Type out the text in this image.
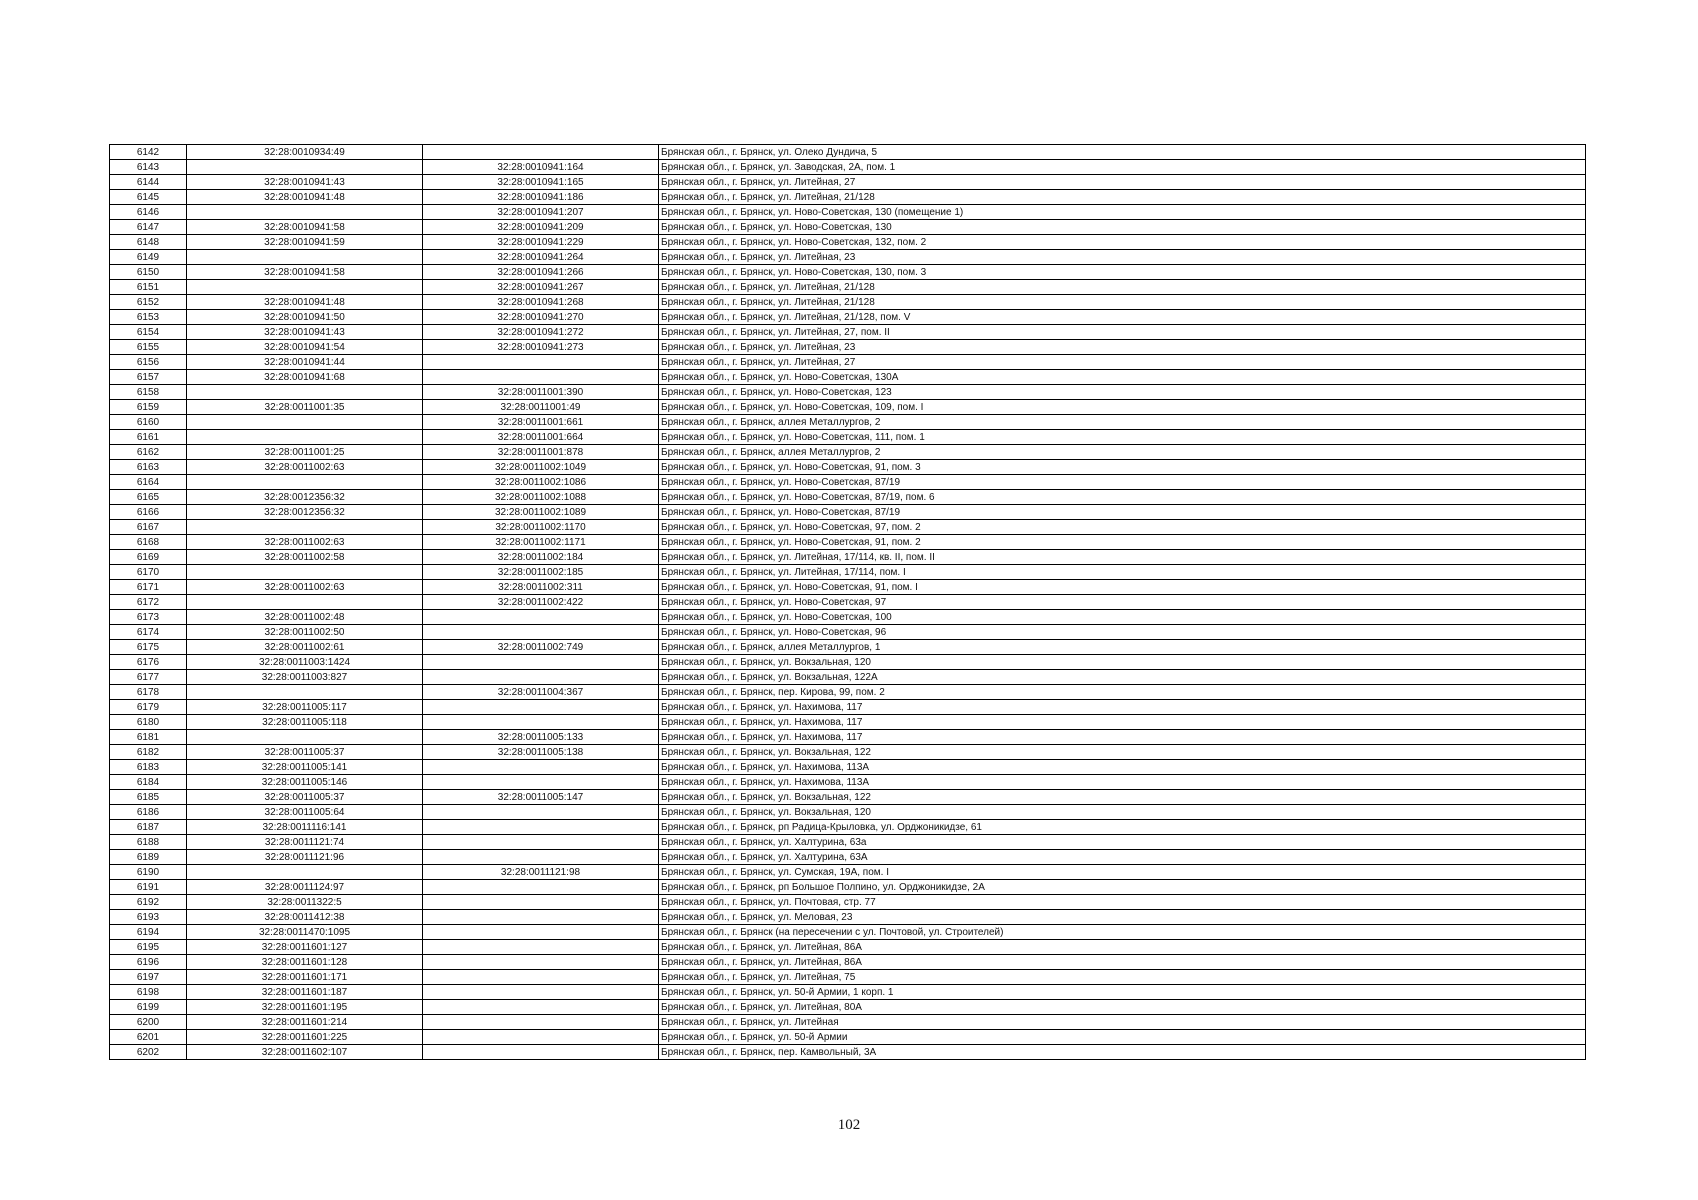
6142	32:28:0010934:49		Брянская обл., г. Брянск, ул. Олеко Дундича, 5
6143		32:28:0010941:164	Брянская обл., г. Брянск, ул. Заводская, 2А, пом. 1
6144	32:28:0010941:43	32:28:0010941:165	Брянская обл., г. Брянск, ул. Литейная, 27
6145	32:28:0010941:48	32:28:0010941:186	Брянская обл., г. Брянск, ул. Литейная, 21/128
6146		32:28:0010941:207	Брянская обл., г. Брянск, ул. Ново-Советская, 130 (помещение 1)
6147	32:28:0010941:58	32:28:0010941:209	Брянская обл., г. Брянск, ул. Ново-Советская, 130
6148	32:28:0010941:59	32:28:0010941:229	Брянская обл., г. Брянск, ул. Ново-Советская, 132, пом. 2
6149		32:28:0010941:264	Брянская обл., г. Брянск, ул. Литейная, 23
6150	32:28:0010941:58	32:28:0010941:266	Брянская обл., г. Брянск, ул. Ново-Советская, 130, пом. 3
6151		32:28:0010941:267	Брянская обл., г. Брянск, ул. Литейная, 21/128
6152	32:28:0010941:48	32:28:0010941:268	Брянская обл., г. Брянск, ул. Литейная, 21/128
6153	32:28:0010941:50	32:28:0010941:270	Брянская обл., г. Брянск, ул. Литейная, 21/128, пом. V
6154	32:28:0010941:43	32:28:0010941:272	Брянская обл., г. Брянск, ул. Литейная, 27, пом. II
6155	32:28:0010941:54	32:28:0010941:273	Брянская обл., г. Брянск, ул. Литейная, 23
6156	32:28:0010941:44		Брянская обл., г. Брянск, ул. Литейная, 27
6157	32:28:0010941:68		Брянская обл., г. Брянск, ул. Ново-Советская, 130А
6158		32:28:0011001:390	Брянская обл., г. Брянск, ул. Ново-Советская, 123
6159	32:28:0011001:35	32:28:0011001:49	Брянская обл., г. Брянск, ул. Ново-Советская, 109, пом. I
6160		32:28:0011001:661	Брянская обл., г. Брянск, аллея Металлургов, 2
6161		32:28:0011001:664	Брянская обл., г. Брянск, ул. Ново-Советская, 111, пом. 1
6162	32:28:0011001:25	32:28:0011001:878	Брянская обл., г. Брянск, аллея Металлургов, 2
6163	32:28:0011002:63	32:28:0011002:1049	Брянская обл., г. Брянск, ул. Ново-Советская, 91, пом. 3
6164		32:28:0011002:1086	Брянская обл., г. Брянск, ул. Ново-Советская, 87/19
6165	32:28:0012356:32	32:28:0011002:1088	Брянская обл., г. Брянск, ул. Ново-Советская, 87/19, пом. 6
6166	32:28:0012356:32	32:28:0011002:1089	Брянская обл., г. Брянск, ул. Ново-Советская, 87/19
6167		32:28:0011002:1170	Брянская обл., г. Брянск, ул. Ново-Советская, 97, пом. 2
6168	32:28:0011002:63	32:28:0011002:1171	Брянская обл., г. Брянск, ул. Ново-Советская, 91, пом. 2
6169	32:28:0011002:58	32:28:0011002:184	Брянская обл., г. Брянск, ул. Литейная, 17/114, кв. II, пом. II
6170		32:28:0011002:185	Брянская обл., г. Брянск, ул. Литейная, 17/114, пом. I
6171	32:28:0011002:63	32:28:0011002:311	Брянская обл., г. Брянск, ул. Ново-Советская, 91, пом. I
6172		32:28:0011002:422	Брянская обл., г. Брянск, ул. Ново-Советская, 97
6173	32:28:0011002:48		Брянская обл., г. Брянск, ул. Ново-Советская, 100
6174	32:28:0011002:50		Брянская обл., г. Брянск, ул. Ново-Советская, 96
6175	32:28:0011002:61	32:28:0011002:749	Брянская обл., г. Брянск, аллея Металлургов, 1
6176	32:28:0011003:1424		Брянская обл., г. Брянск, ул. Вокзальная, 120
6177	32:28:0011003:827		Брянская обл., г. Брянск, ул. Вокзальная, 122А
6178		32:28:0011004:367	Брянская обл., г. Брянск, пер. Кирова, 99, пом. 2
6179	32:28:0011005:117		Брянская обл., г. Брянск, ул. Нахимова, 117
6180	32:28:0011005:118		Брянская обл., г. Брянск, ул. Нахимова, 117
6181		32:28:0011005:133	Брянская обл., г. Брянск, ул. Нахимова, 117
6182	32:28:0011005:37	32:28:0011005:138	Брянская обл., г. Брянск, ул. Вокзальная, 122
6183	32:28:0011005:141		Брянская обл., г. Брянск, ул. Нахимова, 113А
6184	32:28:0011005:146		Брянская обл., г. Брянск, ул. Нахимова, 113А
6185	32:28:0011005:37	32:28:0011005:147	Брянская обл., г. Брянск, ул. Вокзальная, 122
6186	32:28:0011005:64		Брянская обл., г. Брянск, ул. Вокзальная, 120
6187	32:28:0011116:141		Брянская обл., г. Брянск, рп Радица-Крыловка, ул. Орджоникидзе, 61
6188	32:28:0011121:74		Брянская обл., г. Брянск, ул. Халтурина, 63а
6189	32:28:0011121:96		Брянская обл., г. Брянск, ул. Халтурина, 63А
6190		32:28:0011121:98	Брянская обл., г. Брянск, ул. Сумская, 19А, пом. I
6191	32:28:0011124:97		Брянская обл., г. Брянск, рп Большое Полпино, ул. Орджоникидзе, 2А
6192	32:28:0011322:5		Брянская обл., г. Брянск, ул. Почтовая, стр. 77
6193	32:28:0011412:38		Брянская обл., г. Брянск, ул. Меловая, 23
6194	32:28:0011470:1095		Брянская обл., г. Брянск (на пересечении с ул. Почтовой, ул. Строителей)
6195	32:28:0011601:127		Брянская обл., г. Брянск, ул. Литейная, 86А
6196	32:28:0011601:128		Брянская обл., г. Брянск, ул. Литейная, 86А
6197	32:28:0011601:171		Брянская обл., г. Брянск, ул. Литейная, 75
6198	32:28:0011601:187		Брянская обл., г. Брянск, ул. 50-й Армии, 1 корп. 1
6199	32:28:0011601:195		Брянская обл., г. Брянск, ул. Литейная, 80А
6200	32:28:0011601:214		Брянская обл., г. Брянск, ул. Литейная
6201	32:28:0011601:225		Брянская обл., г. Брянск, ул. 50-й Армии
6202	32:28:0011602:107		Брянская обл., г. Брянск, пер. Камвольный, 3А
102
